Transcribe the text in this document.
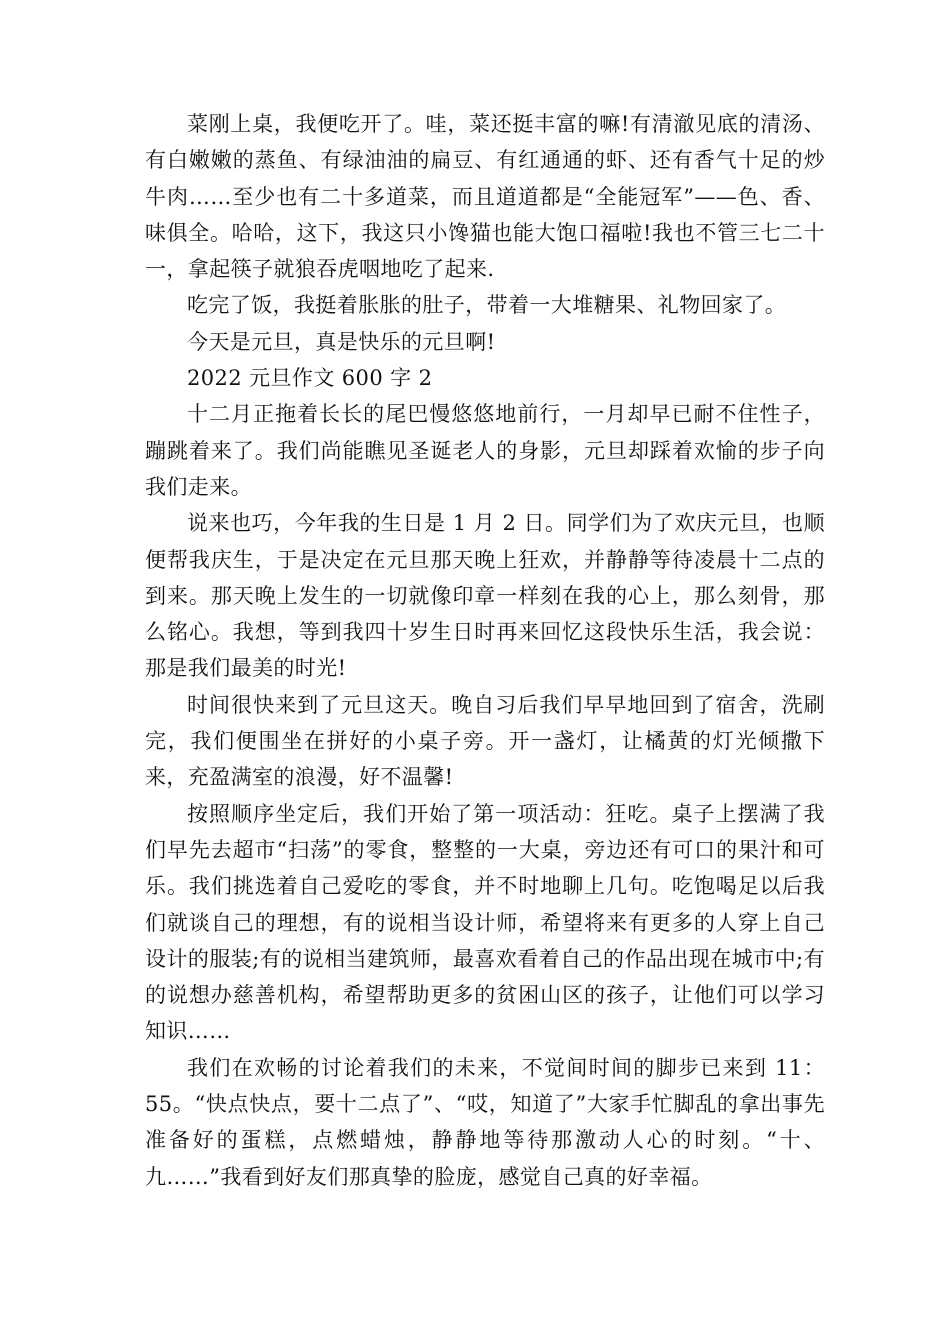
菜刚上桌，我便吃开了。哇，菜还挺丰富的嘛!有清澈见底的清汤、有白嫩嫩的蒸鱼、有绿油油的扁豆、有红通通的虾、还有香气十足的炒牛肉……至少也有二十多道菜，而且道道都是“全能冠军”——色、香、味俱全。哈哈，这下，我这只小馋猫也能大饱口福啦!我也不管三七二十一，拿起筷子就狼吞虎咽地吃了起来.

吃完了饭，我挺着胀胀的肚子，带着一大堆糖果、礼物回家了。

今天是元旦，真是快乐的元旦啊!

2022 元旦作文 600 字 2

十二月正拖着长长的尾巴慢悠悠地前行，一月却早已耐不住性子，蹦跳着来了。我们尚能瞧见圣诞老人的身影，元旦却踩着欢愉的步子向我们走来。

说来也巧，今年我的生日是 1 月 2 日。同学们为了欢庆元旦，也顺便帮我庆生，于是决定在元旦那天晚上狂欢，并静静等待凌晨十二点的到来。那天晚上发生的一切就像印章一样刻在我的心上，那么刻骨，那么铭心。我想，等到我四十岁生日时再来回忆这段快乐生活，我会说：那是我们最美的时光!

时间很快来到了元旦这天。晚自习后我们早早地回到了宿舍，洗刷完，我们便围坐在拼好的小桌子旁。开一盏灯，让橘黄的灯光倾撒下来，充盈满室的浪漫，好不温馨!

按照顺序坐定后，我们开始了第一项活动：狂吃。桌子上摆满了我们早先去超市“扫荡”的零食，整整的一大桌，旁边还有可口的果汁和可乐。我们挑选着自己爱吃的零食，并不时地聊上几句。吃饱喝足以后我们就谈自己的理想，有的说相当设计师，希望将来有更多的人穿上自己设计的服装;有的说相当建筑师，最喜欢看着自己的作品出现在城市中;有的说想办慈善机构，希望帮助更多的贫困山区的孩子，让他们可以学习知识……

我们在欢畅的讨论着我们的未来，不觉间时间的脚步已来到 11：55。“快点快点，要十二点了”、“哎，知道了”大家手忙脚乱的拿出事先准备好的蛋糕，点燃蜡烛，静静地等待那激动人心的时刻。“十、九……”我看到好友们那真挚的脸庞，感觉自己真的好幸福。
